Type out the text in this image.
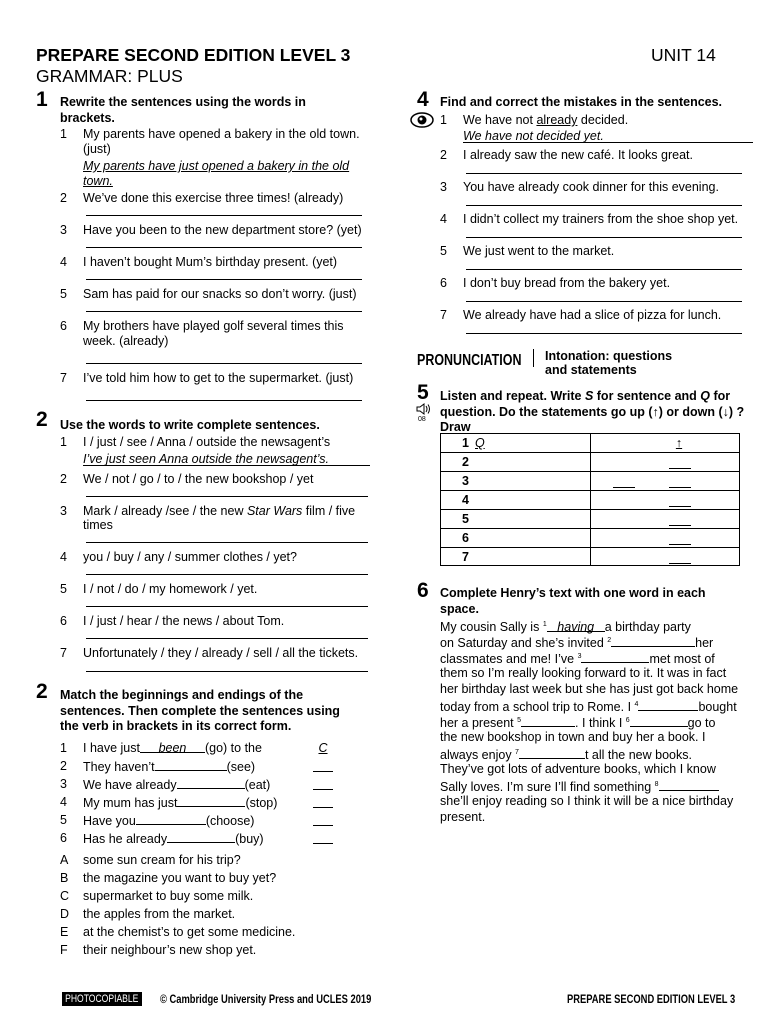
PREPARE SECOND EDITION LEVEL 3
GRAMMAR: PLUS
UNIT 14
1 Rewrite the sentences using the words in
brackets.
1	My parents have opened a bakery in the old town.
(just)
My parents have just opened a bakery in the old
town.
2	We’ve done this exercise three times! (already)
3	Have you been to the new department store? (yet)
4	I haven’t bought Mum’s birthday present. (yet)
5	Sam has paid for our snacks so don’t worry. (just)
6	My brothers have played golf several times this
week. (already)
7	I’ve told him how to get to the supermarket. (just)
2 Use the words to write complete sentences.
1	I / just / see / Anna / outside the newsagent’s
I’ve just seen Anna outside the newsagent’s.
2	We / not / go / to / the new bookshop / yet
3	Mark / already /see / the new Star Wars film / five
times
4	you / buy / any / summer clothes / yet?
5	I / not / do / my homework / yet.
6	I / just / hear / the news / about Tom.
7	Unfortunately / they / already / sell / all the tickets.
2 Match the beginnings and endings of the
sentences. Then complete the sentences using
the verb in brackets in its correct form.
1	I have just been (go) to the	C
2	They haven’t	(see)
3	We have already	(eat)
4	My mum has just	(stop)
5	Have you	(choose)
6	Has he already	(buy)
A	some sun cream for his trip?
B	the magazine you want to buy yet?
C	supermarket to buy some milk.
D	the apples from the market.
E	at the chemist’s to get some medicine.
F	their neighbour’s new shop yet.
4 Find and correct the mistakes in the sentences.
1	We have not already decided.
We have not decided yet.
2	I already saw the new café. It looks great.
3	You have already cook dinner for this evening.
4	I didn’t collect my trainers from the shoe shop yet.
5	We just went to the market.
6	I don’t buy bread from the bakery yet.
7	We already have had a slice of pizza for lunch.
PRONUNCIATION Intonation: questions
and statements
5 Listen and repeat. Write S for sentence and Q for
question. Do the statements go up (↑) or down (↓) ?
Draw
08
1 Q	↑
2
3
4
5
6
7
6 Complete Henry’s text with one word in each
space.
My cousin Sally is $^1$ having a birthday party
on Saturday and she’s invited $^2$	her
classmates and me! I’ve $^3$	met most of
them so I’m really looking forward to it. It was in fact
her birthday last week but she has just got back home
today from a school trip to Rome. I $^4$	bought
her a present $^5$	. I think I $^6$	go to
the new bookshop in town and buy her a book. I
always enjoy $^7$	t all the new books.
They’ve got lots of adventure books, which I know
Sally loves. I’m sure I’ll find something $^8$
she’ll enjoy reading so I think it will be a nice birthday
present.
PHOTOCOPIABLE © Cambridge University Press and UCLES 2019	PREPARE SECOND EDITION LEVEL 3
